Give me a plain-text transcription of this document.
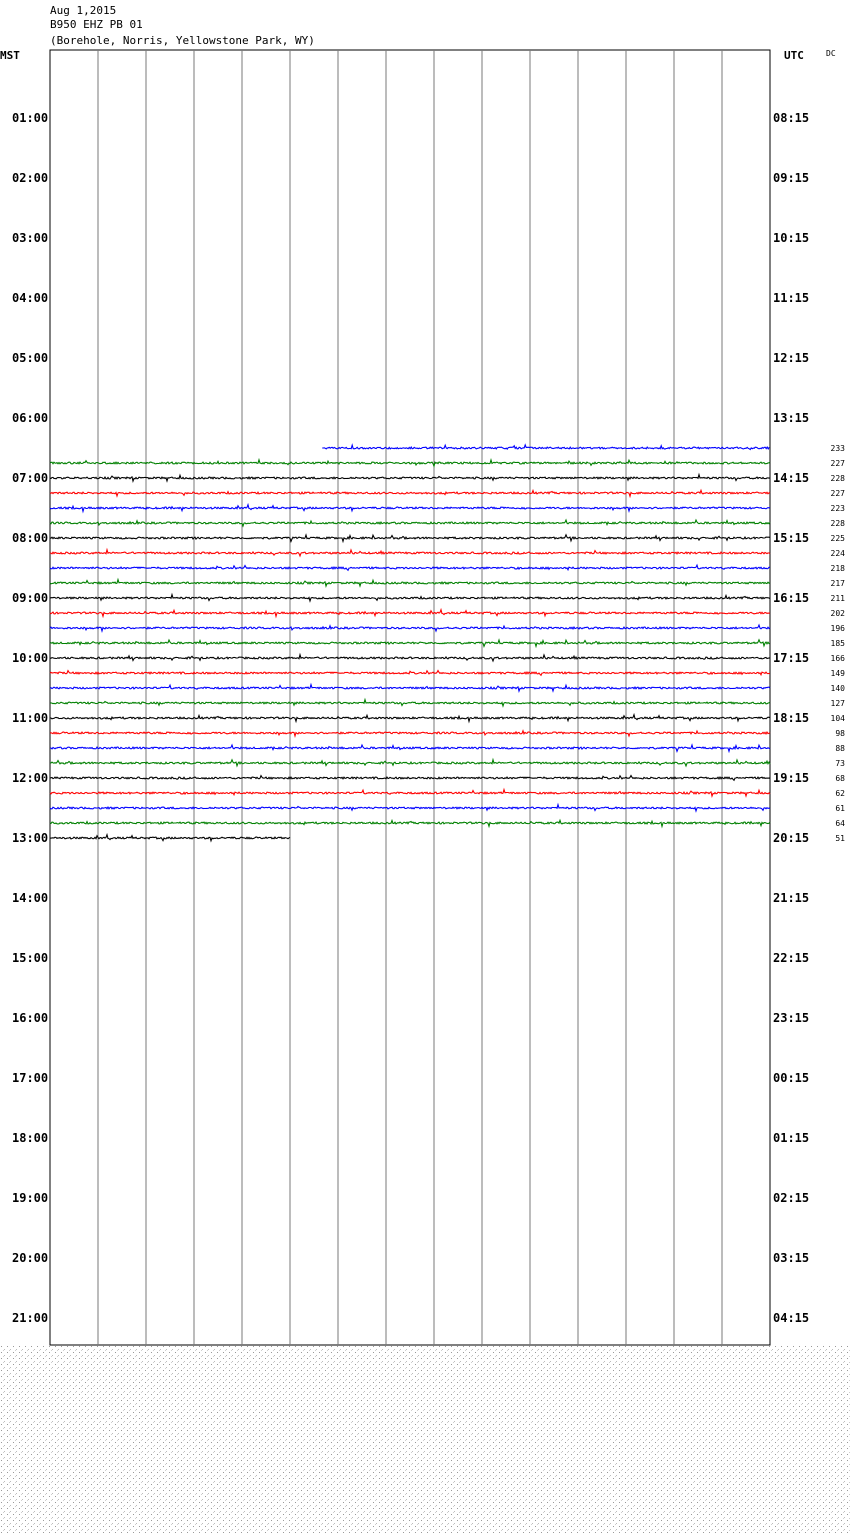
Aug 1,2015
B950 EHZ PB 01
(Borehole, Norris, Yellowstone Park, WY)
MST	UTC	DC
01:00
02:00
03:00
04:00
05:00
06:00
07:00
08:00
09:00
10:00
11:00
12:00
13:00
14:00
15:00
16:00
17:00
18:00
19:00
20:00
21:00
08:15
09:15
10:15
11:15
12:15
13:15
14:15
15:15
16:15
17:15
18:15
19:15
20:15
21:15
22:15
23:15
00:15
01:15
02:15
03:15
04:15
233
227
228
227
223
228
225
224
218
217
211
202
196
185
166
149
140
127
104
98
88
73
68
62
61
64
51
